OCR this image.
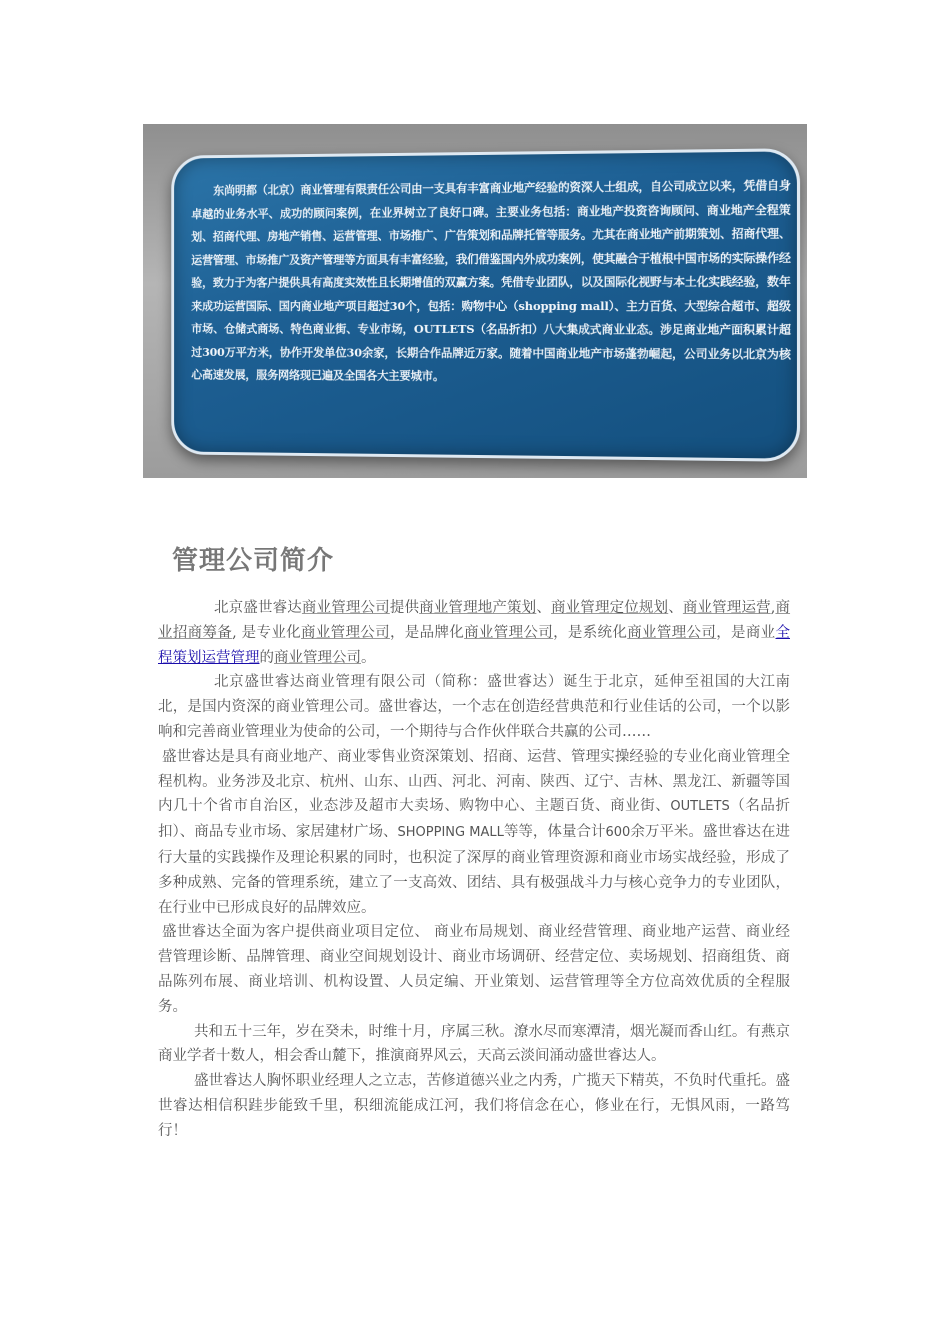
东尚明都（北京）商业管理有限责任公司由一支具有丰富商业地产经验的资深人士组成，自公司成立以来，凭借自身卓越的业务水平、成功的顾问案例，在业界树立了良好口碑。主要业务包括：商业地产投资咨询顾问、商业地产全程策划、招商代理、房地产销售、运营管理、市场推广、广告策划和品牌托管等服务。尤其在商业地产前期策划、招商代理、运营管理、市场推广及资产管理等方面具有丰富经验，我们借鉴国内外成功案例，使其融合于植根中国市场的实际操作经验，致力于为客户提供具有高度实效性且长期增值的双赢方案。凭借专业团队，以及国际化视野与本土化实践经验，数年来成功运营国际、国内商业地产项目超过30个，包括：购物中心（shopping mall）、主力百货、大型综合超市、超级市场、仓储式商场、特色商业街、专业市场，OUTLETS（名品折扣）八大集成式商业业态。涉足商业地产面积累计超过300万平方米，协作开发单位30余家，长期合作品牌近万家。随着中国商业地产市场蓬勃崛起，公司业务以北京为核心高速发展，服务网络现已遍及全国各大主要城市。
管理公司简介

北京盛世睿达商业管理公司提供商业管理地产策划、商业管理定位规划、商业管理运营,商业招商筹备, 是专业化商业管理公司，是品牌化商业管理公司，是系统化商业管理公司，是商业全程策划运营管理的商业管理公司。

北京盛世睿达商业管理有限公司（简称：盛世睿达）诞生于北京，延伸至祖国的大江南北，是国内资深的商业管理公司。盛世睿达，一个志在创造经营典范和行业佳话的公司，一个以影响和完善商业管理业为使命的公司，一个期待与合作伙伴联合共赢的公司……

盛世睿达是具有商业地产、商业零售业资深策划、招商、运营、管理实操经验的专业化商业管理全程机构。业务涉及北京、杭州、山东、山西、河北、河南、陕西、辽宁、吉林、黑龙江、新疆等国内几十个省市自治区，业态涉及超市大卖场、购物中心、主题百货、商业街、OUTLETS（名品折扣）、商品专业市场、家居建材广场、SHOPPING MALL等等，体量合计600余万平米。盛世睿达在进行大量的实践操作及理论积累的同时，也积淀了深厚的商业管理资源和商业市场实战经验，形成了多种成熟、完备的管理系统，建立了一支高效、团结、具有极强战斗力与核心竞争力的专业团队，在行业中已形成良好的品牌效应。

盛世睿达全面为客户提供商业项目定位、 商业布局规划、商业经营管理、商业地产运营、商业经营管理诊断、品牌管理、商业空间规划设计、商业市场调研、经营定位、卖场规划、招商组货、商品陈列布展、商业培训、机构设置、人员定编、开业策划、运营管理等全方位高效优质的全程服务。

共和五十三年，岁在癸未，时维十月，序属三秋。潦水尽而寒潭清，烟光凝而香山红。有燕京商业学者十数人，相会香山麓下，推演商界风云，天高云淡间涌动盛世睿达人。

盛世睿达人胸怀职业经理人之立志，苦修道德兴业之内秀，广揽天下精英，不负时代重托。盛世睿达相信积跬步能致千里，积细流能成江河，我们将信念在心，修业在行，无惧风雨，一路笃行！
